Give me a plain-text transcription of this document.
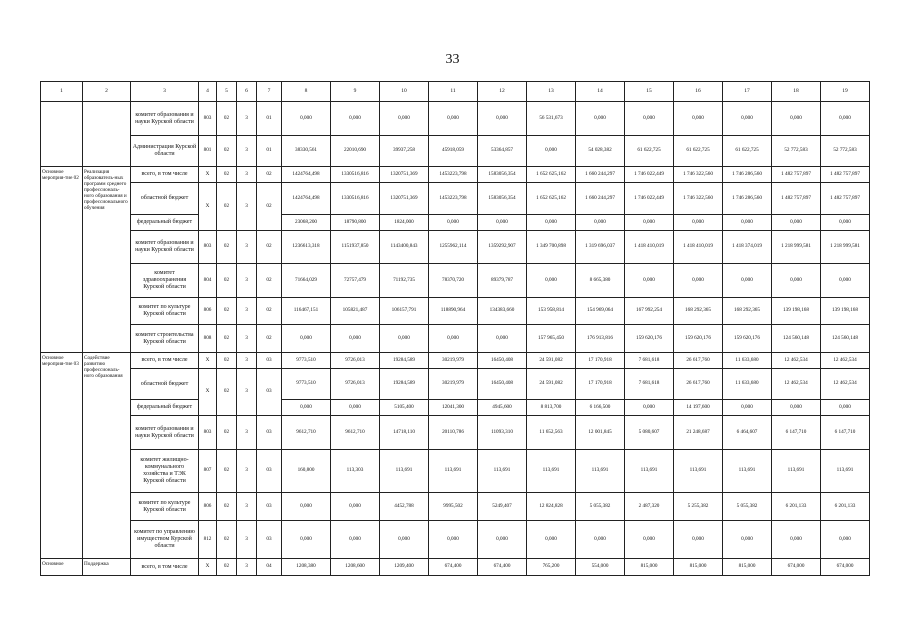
33
1	2	3	4	5	6	7	8	9	10	11	12	13	14	15	16	17	18	19
		комитет образования и науки Курской области	803	02	3	01	0,000	0,000	0,000	0,000	0,000	56 531,673	0,000	0,000	0,000	0,000	0,000	0,000
		Администрация Курской области	801	02	3	01	38330,561	22010,690	39937,258	45918,059	53364,857	0,000	54 028,382	61 622,725	61 622,725	61 622,725	52 772,583	52 772,583
Основное мероприя-тие 02	Реализация образователь-ных программ среднего профессиональ-ного образования и профессионального обучения	всего, в том числе	X	02	3	02	1424764,498	1330516,816	1320751,369	1453223,798	1583056,354	1 652 625,162	1 660 244,297	1 746 022,449	1 746 322,560	1 746 286,560	1 482 757,897	1 482 757,897
		областной бюджет	X	02	3	02	1424764,498	1330516,816	1320751,369	1453223,798	1583056,354	1 652 625,162	1 660 244,297	1 746 022,449	1 746 322,560	1 746 286,560	1 482 757,897	1 482 757,897
		федеральный бюджет					23068,200	18790,800	1824,000	0,000	0,000	0,000	0,000	0,000	0,000	0,000	0,000	0,000
		комитет образования и науки Курской области	803	02	3	02	1236613,318	1151937,850	1143400,843	1255962,114	1359292,907	1 349 700,898	1 319 696,037	1 418 410,019	1 418 410,019	1 418 374,019	1 218 999,581	1 218 999,581
		комитет здравоохранения Курской области	804	02	3	02	71664,029	72757,479	71192,735	78370,720	89379,787	0,000	8 665,380	0,000	0,000	0,000	0,000	0,000
		комитет по культуре Курской области	806	02	3	02	116467,151	105821,487	106157,791	118890,964	134383,660	153 958,814	154 969,064	167 992,254	168 292,365	168 292,365	139 198,168	139 198,168
		комитет строительства Курской области	808	02	3	02	0,000	0,000	0,000	0,000	0,000	157 965,450	176 913,816	159 620,176	159 620,176	159 620,176	124 560,148	124 560,148
Основное мероприя-тие 03	Содействие развитию профессиональ-ного образования	всего, в том числе	X	02	3	03	9773,510	9726,013	19284,589	30219,979	16450,408	24 591,082	17 170,918	7 681,618	26 617,760	11 633,680	12 462,534	12 462,534
		областной бюджет	X	02	3	03	9773,510	9726,013	19284,589	30219,979	16450,408	24 591,082	17 170,918	7 681,618	26 617,760	11 633,680	12 462,534	12 462,534
		федеральный бюджет					0,000	0,000	5105,400	12041,300	4945,600	8 813,700	6 166,500	0,000	14 197,600	0,000	0,000	0,000
		комитет образования и науки Курской области	803	02	3	03	9612,710	9612,710	14718,110	20110,786	11093,310	11 652,563	12 001,845	5 080,607	21 248,687	6 464,607	6 147,710	6 147,710
		комитет жилищно-коммунального хозяйства и ТЭК Курской области	807	02	3	03	160,800	113,303	113,691	113,691	113,691	113,691	113,691	113,691	113,691	113,691	113,691	113,691
		комитет по культуре Курской области	806	02	3	03	0,000	0,000	4452,788	9995,502	5249,407	12 824,828	5 055,382	2 487,320	5 255,382	5 055,382	6 201,133	6 201,133
		комитет по управлению имуществом Курской области	812	02	3	03	0,000	0,000	0,000	0,000	0,000	0,000	0,000	0,000	0,000	0,000	0,000	0,000
Основное	Поддержка	всего, в том числе	X	02	3	04	1208,380	1208,600	1209,400	674,400	674,400	765,200	554,000	815,000	815,000	815,000	674,000	674,000
